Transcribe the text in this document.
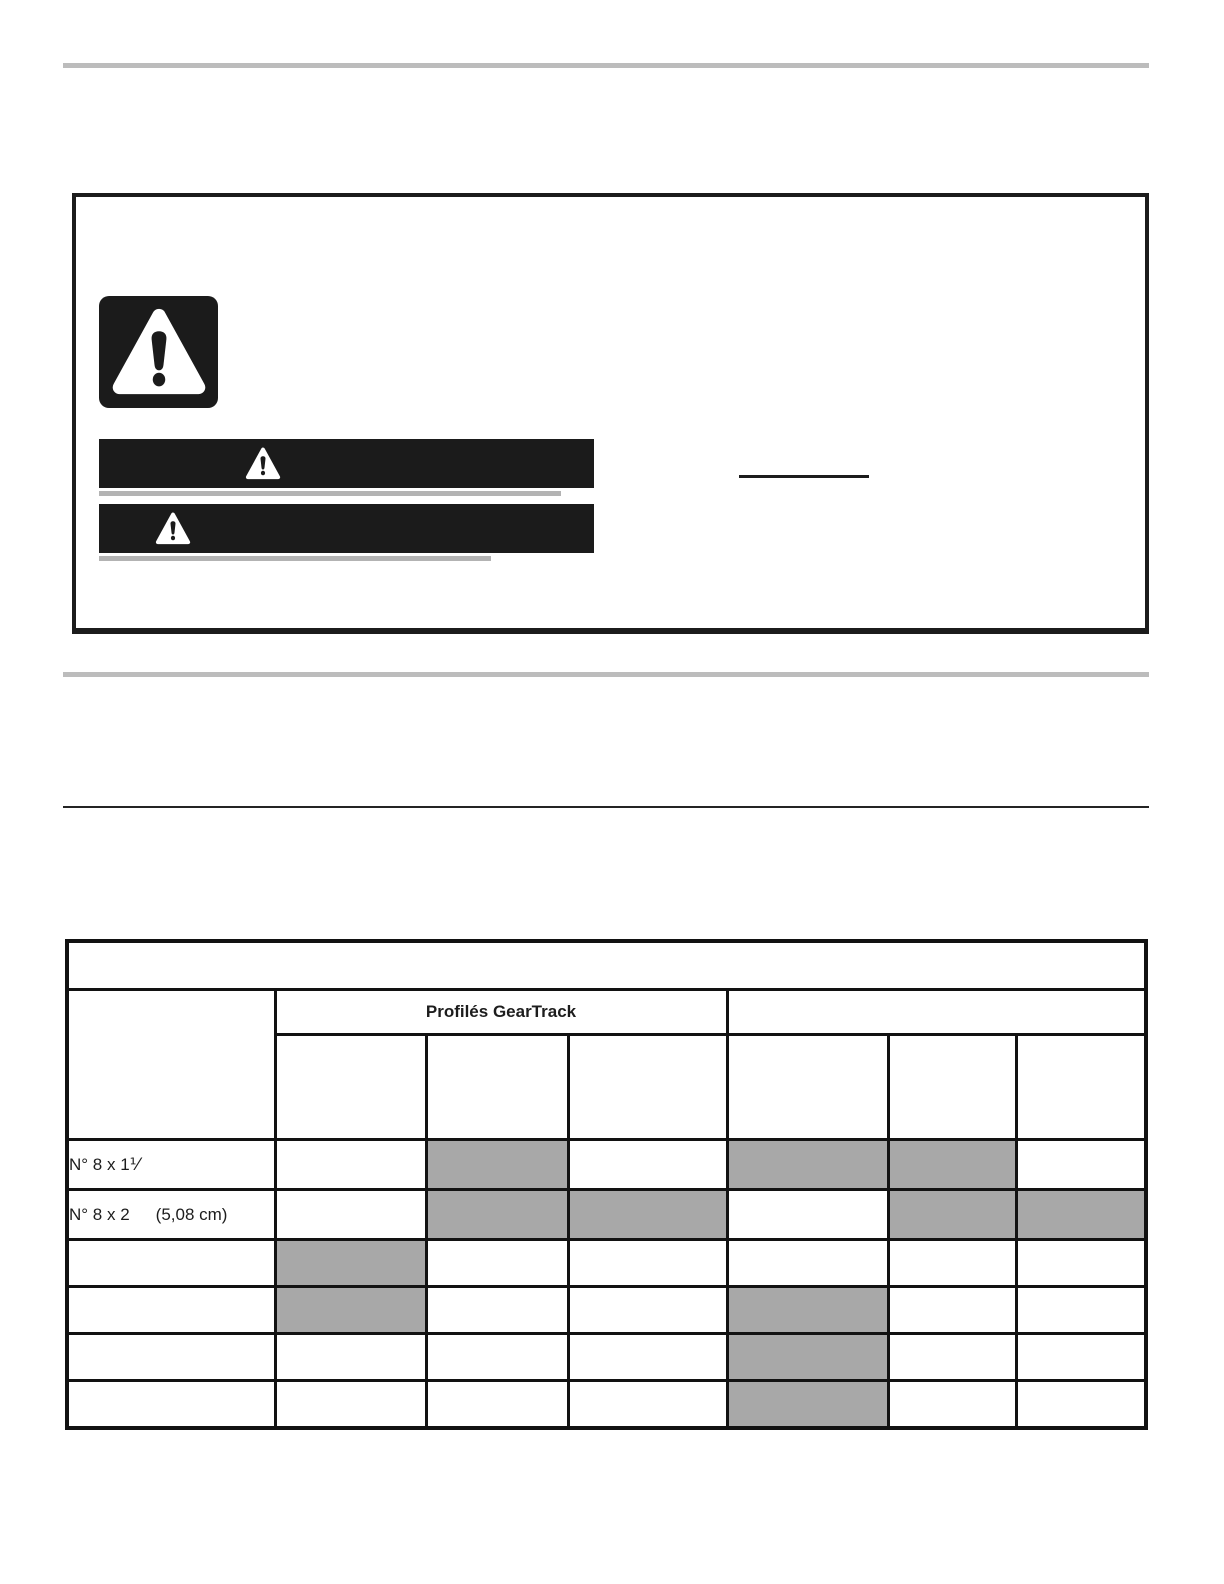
	Profilés GearTrack					

N° 8 x 1⅟						
N° 8 x 2 (5,08 cm)						
